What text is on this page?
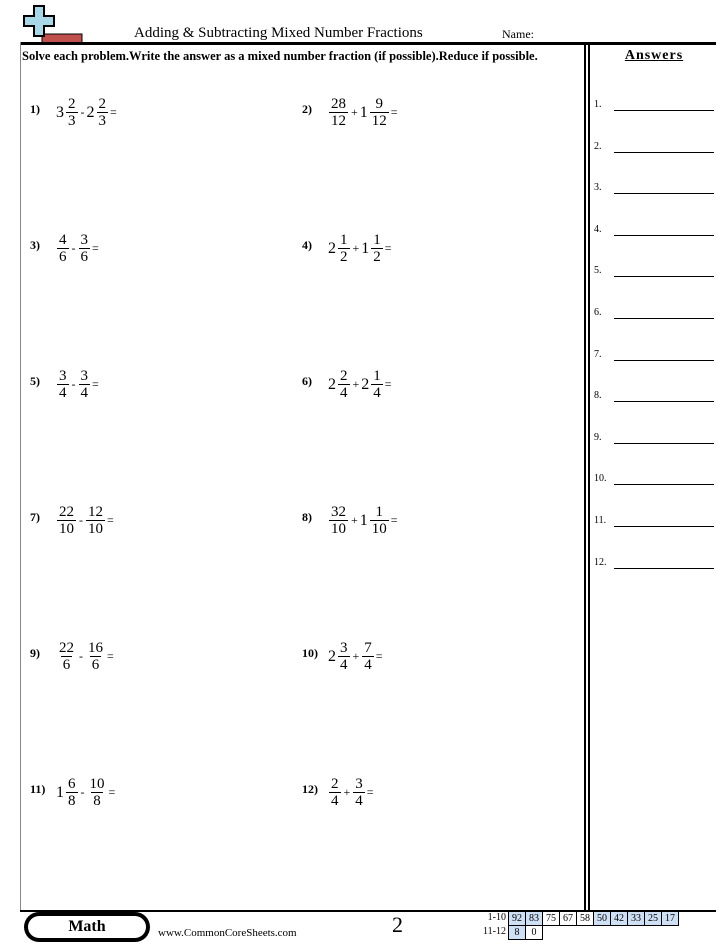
Adding & Subtracting Mixed Number Fractions	Name:
Solve each problem.Write the answer as a mixed number fraction (if possible).Reduce if possible.	Answers
1.
2.
3.
4.
5.
6.
7.
8.
9.
10.
11.
12.
1) $3 \frac{2}{3} - 2 \frac{2}{3}$ =	$2) \frac{28}{12} + 1 \frac{9}{12}$ =
$3) \frac{4}{6} - \frac{3}{6}$ =	4) $2 \frac{1}{2} + 1 \frac{1}{2}$ =
$5) \frac{3}{4} - \frac{3}{4}$ =	6) $2 \frac{2}{4} + 2 \frac{1}{4}$ =
$7) \frac{22}{10} - \frac{12}{10}$ =	$8) \frac{32}{10} + 1 \frac{1}{10}$ =
$9) \frac{22}{6} - \frac{16}{6}$ =	10) $2 \frac{3}{4} + \frac{7}{4}$ =
11) $1 \frac{6}{8} - \frac{10}{8}$ =	$12) \frac{2}{4} + \frac{3}{4}$ =
Math	www.CommonCoreSheets.com	2	1-10
11-12
92	83	75	67	58	50	42	33	25	17
8	0								
